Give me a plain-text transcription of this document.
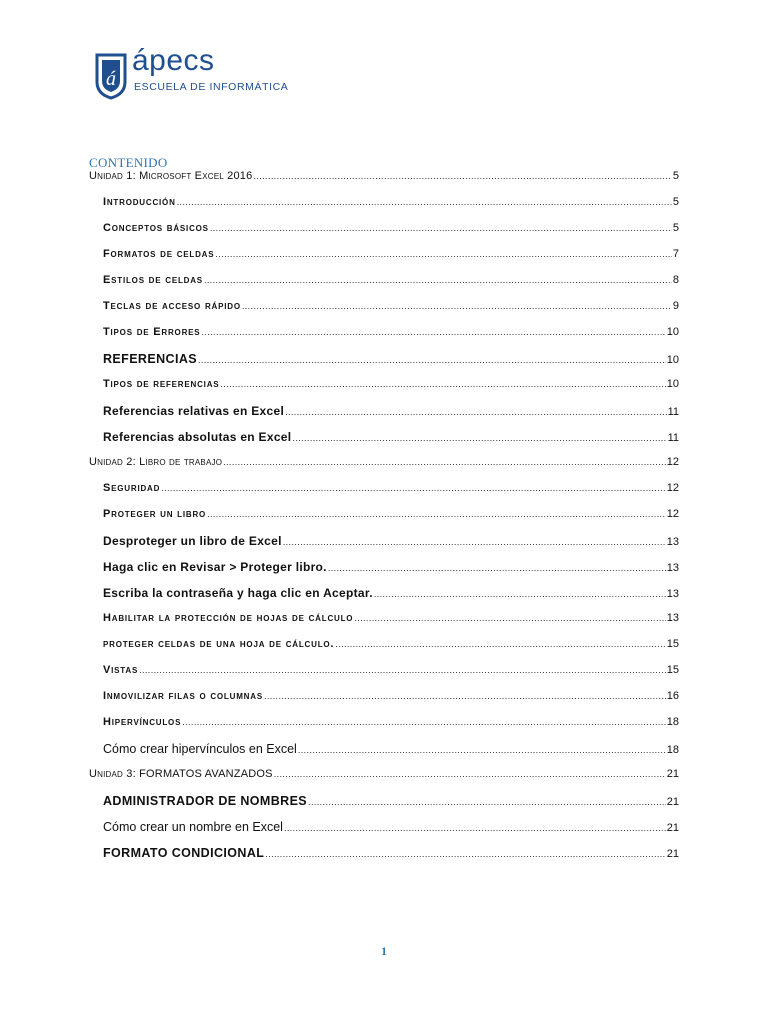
á
ápecs
ESCUELA DE INFORMÁTICA
CONTENIDO
Unidad 1: Microsoft Excel 2016 .....	5
Introducción .....	5
Conceptos básicos .....	5
Formatos de celdas .....	7
Estilos de celdas .....	8
Teclas de acceso rápido .....	9
Tipos de Errores .....	10
REFERENCIAS .....	10
Tipos de referencias .....	10
Referencias relativas en Excel .....	11
Referencias absolutas en Excel .....	11
Unidad 2: Libro de trabajo .....	12
Seguridad .....	12
Proteger un libro .....	12
Desproteger un libro de Excel .....	13
Haga clic en Revisar > Proteger libro. .....	13
Escriba la contraseña y haga clic en Aceptar. .....	13
Habilitar la protección de hojas de cálculo .....	13
proteger celdas de una hoja de cálculo. .....	15
Vistas .....	15
Inmovilizar filas o columnas .....	16
Hipervínculos .....	18
Cómo crear hipervínculos en Excel .....	18
Unidad 3: FORMATOS AVANZADOS .....	21
ADMINISTRADOR DE NOMBRES .....	21
Cómo crear un nombre en Excel .....	21
FORMATO CONDICIONAL .....	21
1
